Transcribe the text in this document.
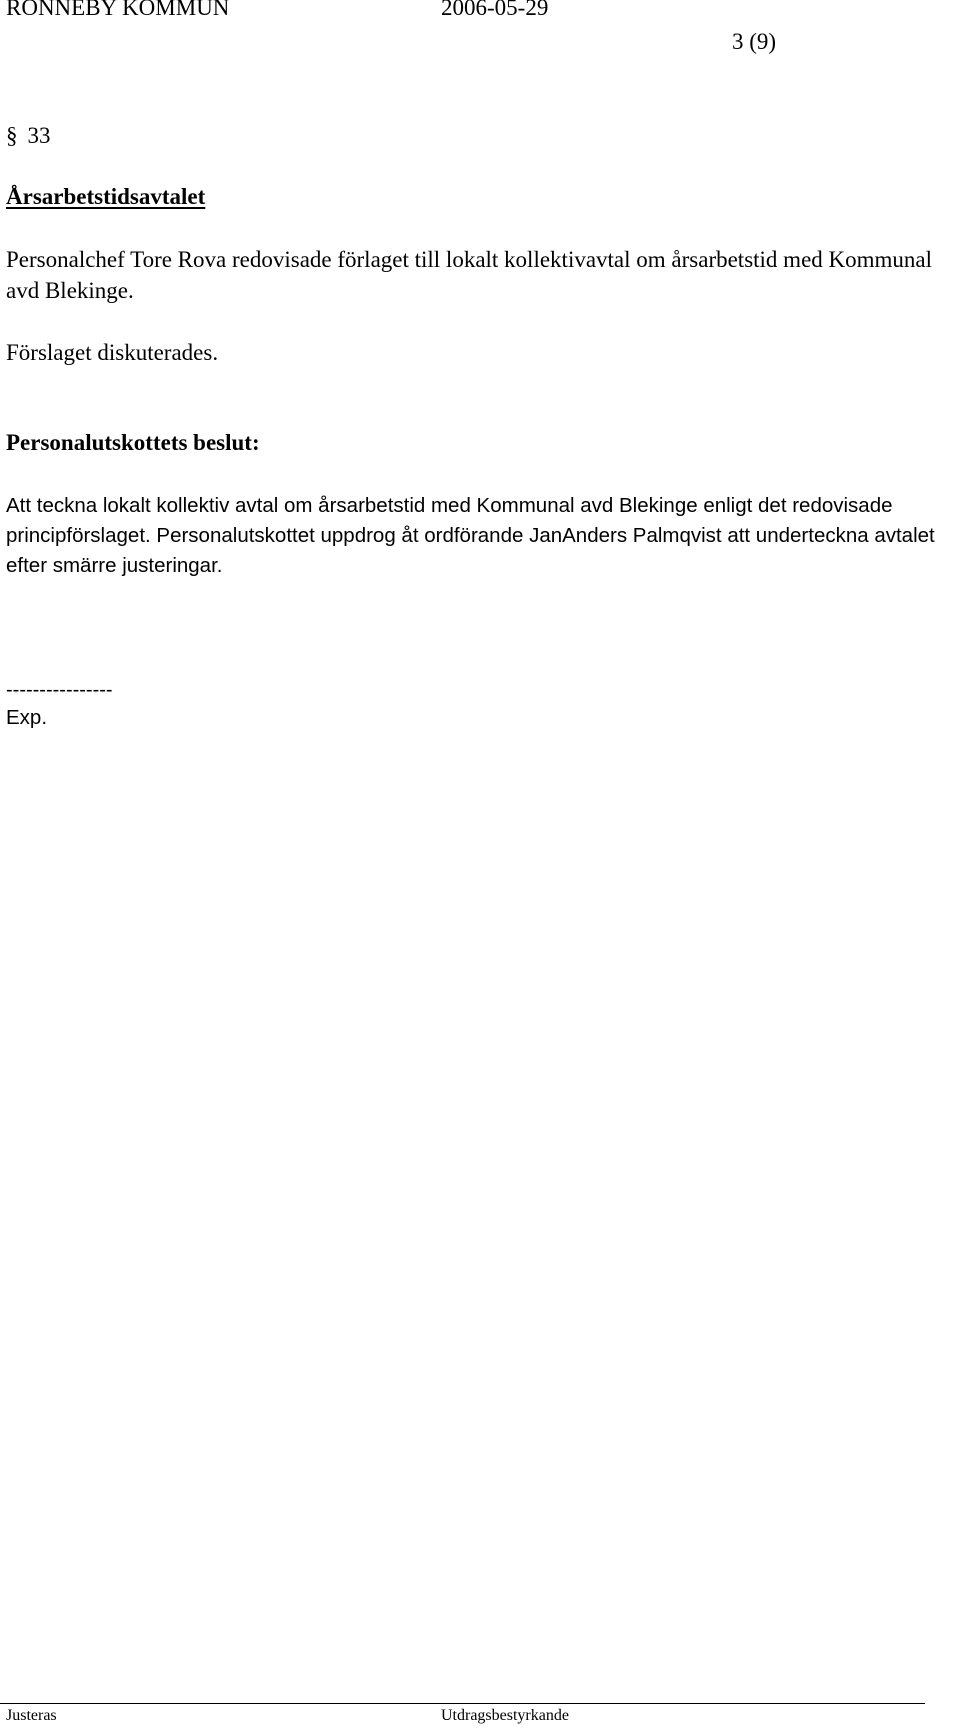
RONNEBY KOMMUN	2006-05-29
3 (9)
§ 33
Årsarbetstidsavtalet

Personalchef Tore Rova redovisade förlaget till lokalt kollektivavtal om årsarbetstid med Kommunal avd Blekinge.

Förslaget diskuterades.

Personalutskottets beslut:

Att teckna lokalt kollektiv avtal om årsarbetstid med Kommunal avd Blekinge enligt det redovisade principförslaget. Personalutskottet uppdrog åt ordförande JanAnders Palmqvist att underteckna avtalet efter smärre justeringar.

----------------
Exp.
Justeras	Utdragsbestyrkande
